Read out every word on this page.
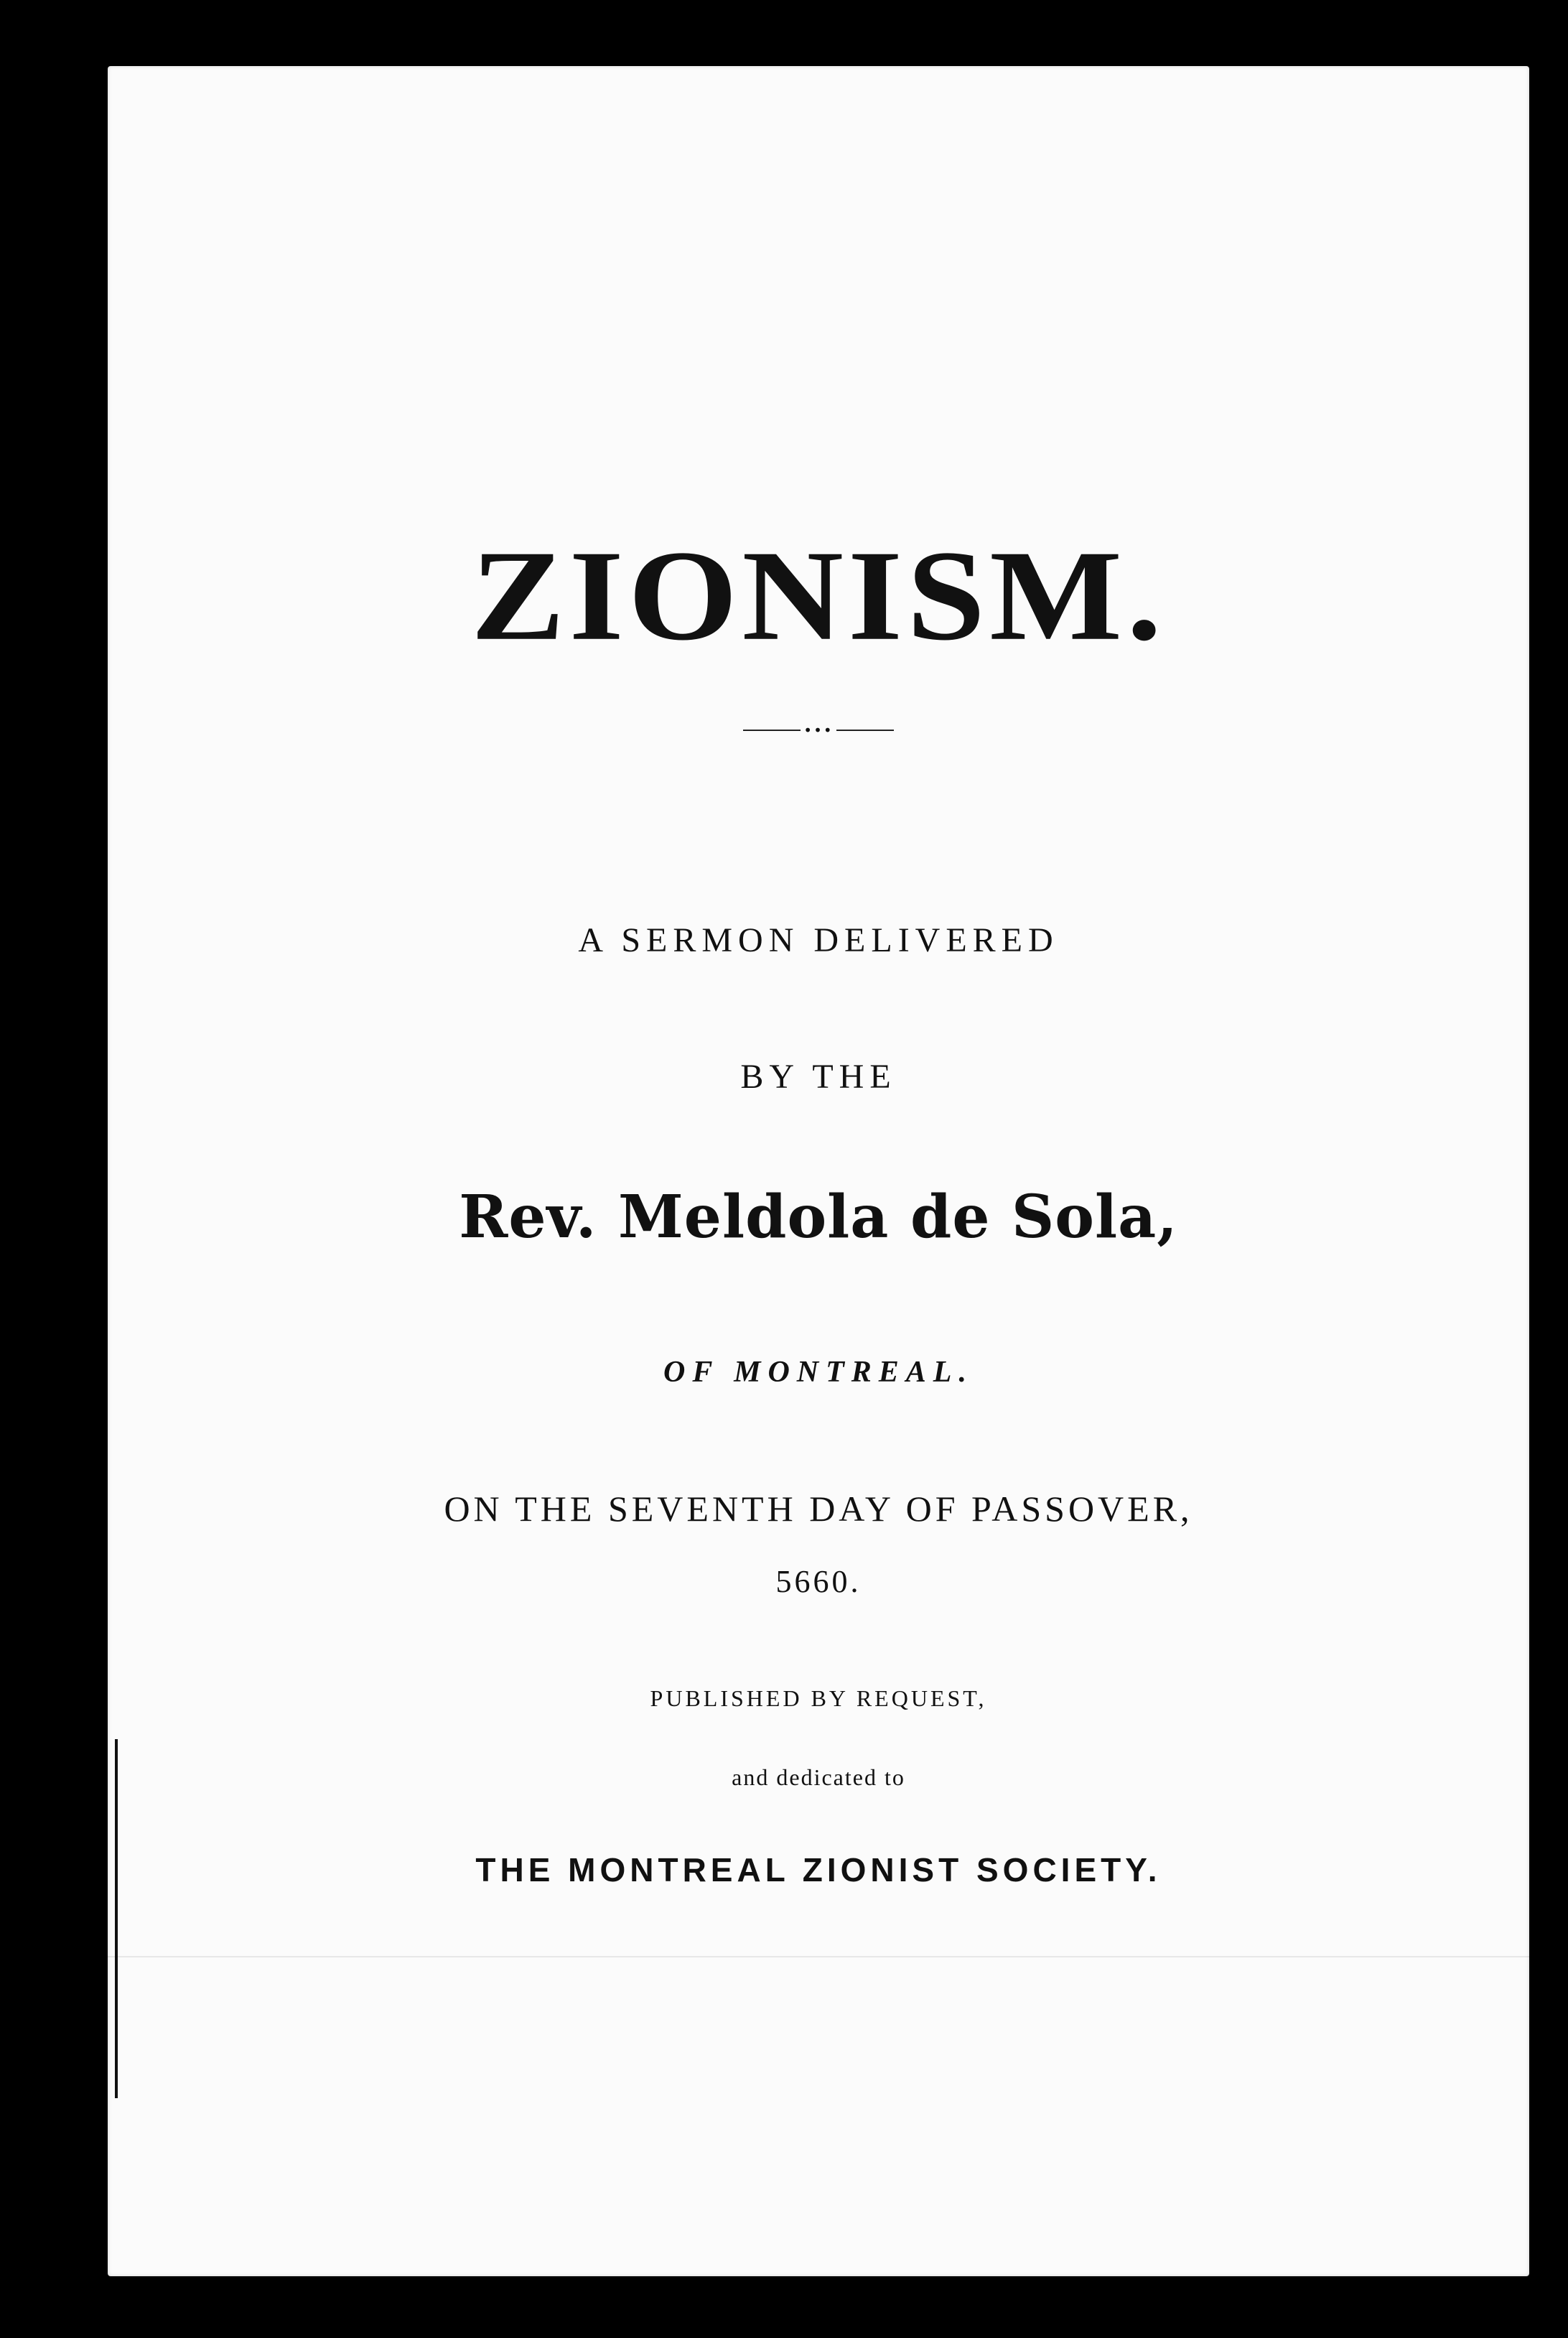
ZIONISM.
•••
A SERMON DELIVERED
BY THE
Rev. Meldola de Sola,
OF MONTREAL.
ON THE SEVENTH DAY OF PASSOVER,
5660.
PUBLISHED BY REQUEST,
and dedicated to
THE MONTREAL ZIONIST SOCIETY.
